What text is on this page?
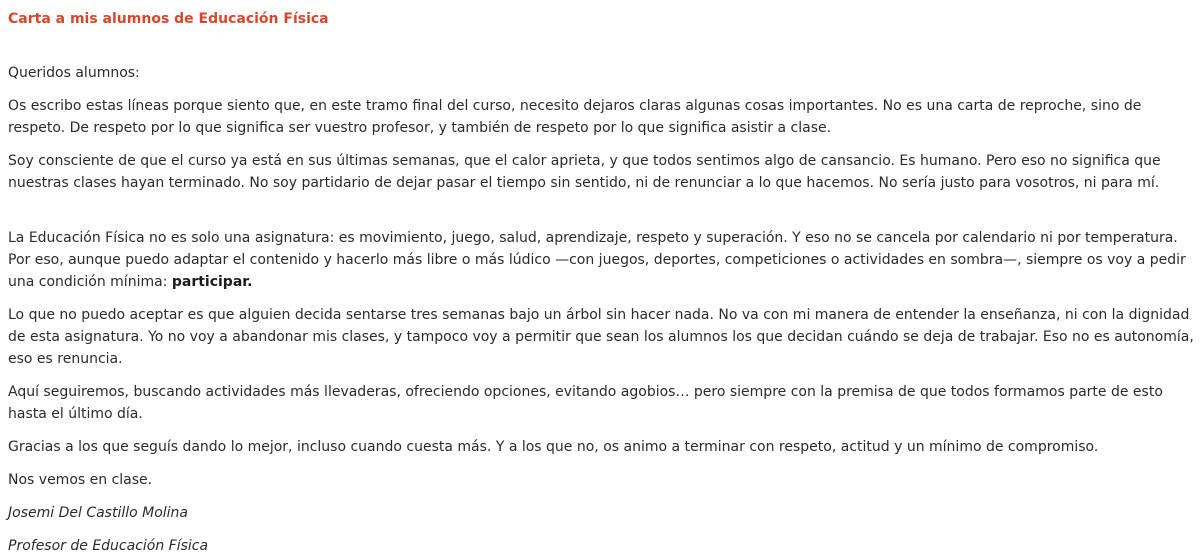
Carta a mis alumnos de Educación Física

Queridos alumnos:

Os escribo estas líneas porque siento que, en este tramo final del curso, necesito dejaros claras algunas cosas importantes. No es una carta de reproche, sino de respeto. De respeto por lo que significa ser vuestro profesor, y también de respeto por lo que significa asistir a clase.

Soy consciente de que el curso ya está en sus últimas semanas, que el calor aprieta, y que todos sentimos algo de cansancio. Es humano. Pero eso no significa que nuestras clases hayan terminado. No soy partidario de dejar pasar el tiempo sin sentido, ni de renunciar a lo que hacemos. No sería justo para vosotros, ni para mí.

La Educación Física no es solo una asignatura: es movimiento, juego, salud, aprendizaje, respeto y superación. Y eso no se cancela por calendario ni por temperatura. Por eso, aunque puedo adaptar el contenido y hacerlo más libre o más lúdico —con juegos, deportes, competiciones o actividades en sombra—, siempre os voy a pedir una condición mínima: participar.

Lo que no puedo aceptar es que alguien decida sentarse tres semanas bajo un árbol sin hacer nada. No va con mi manera de entender la enseñanza, ni con la dignidad de esta asignatura. Yo no voy a abandonar mis clases, y tampoco voy a permitir que sean los alumnos los que decidan cuándo se deja de trabajar. Eso no es autonomía, eso es renuncia.

Aquí seguiremos, buscando actividades más llevaderas, ofreciendo opciones, evitando agobios… pero siempre con la premisa de que todos formamos parte de esto hasta el último día.

Gracias a los que seguís dando lo mejor, incluso cuando cuesta más. Y a los que no, os animo a terminar con respeto, actitud y un mínimo de compromiso.

Nos vemos en clase.

Josemi Del Castillo Molina

Profesor de Educación Física
